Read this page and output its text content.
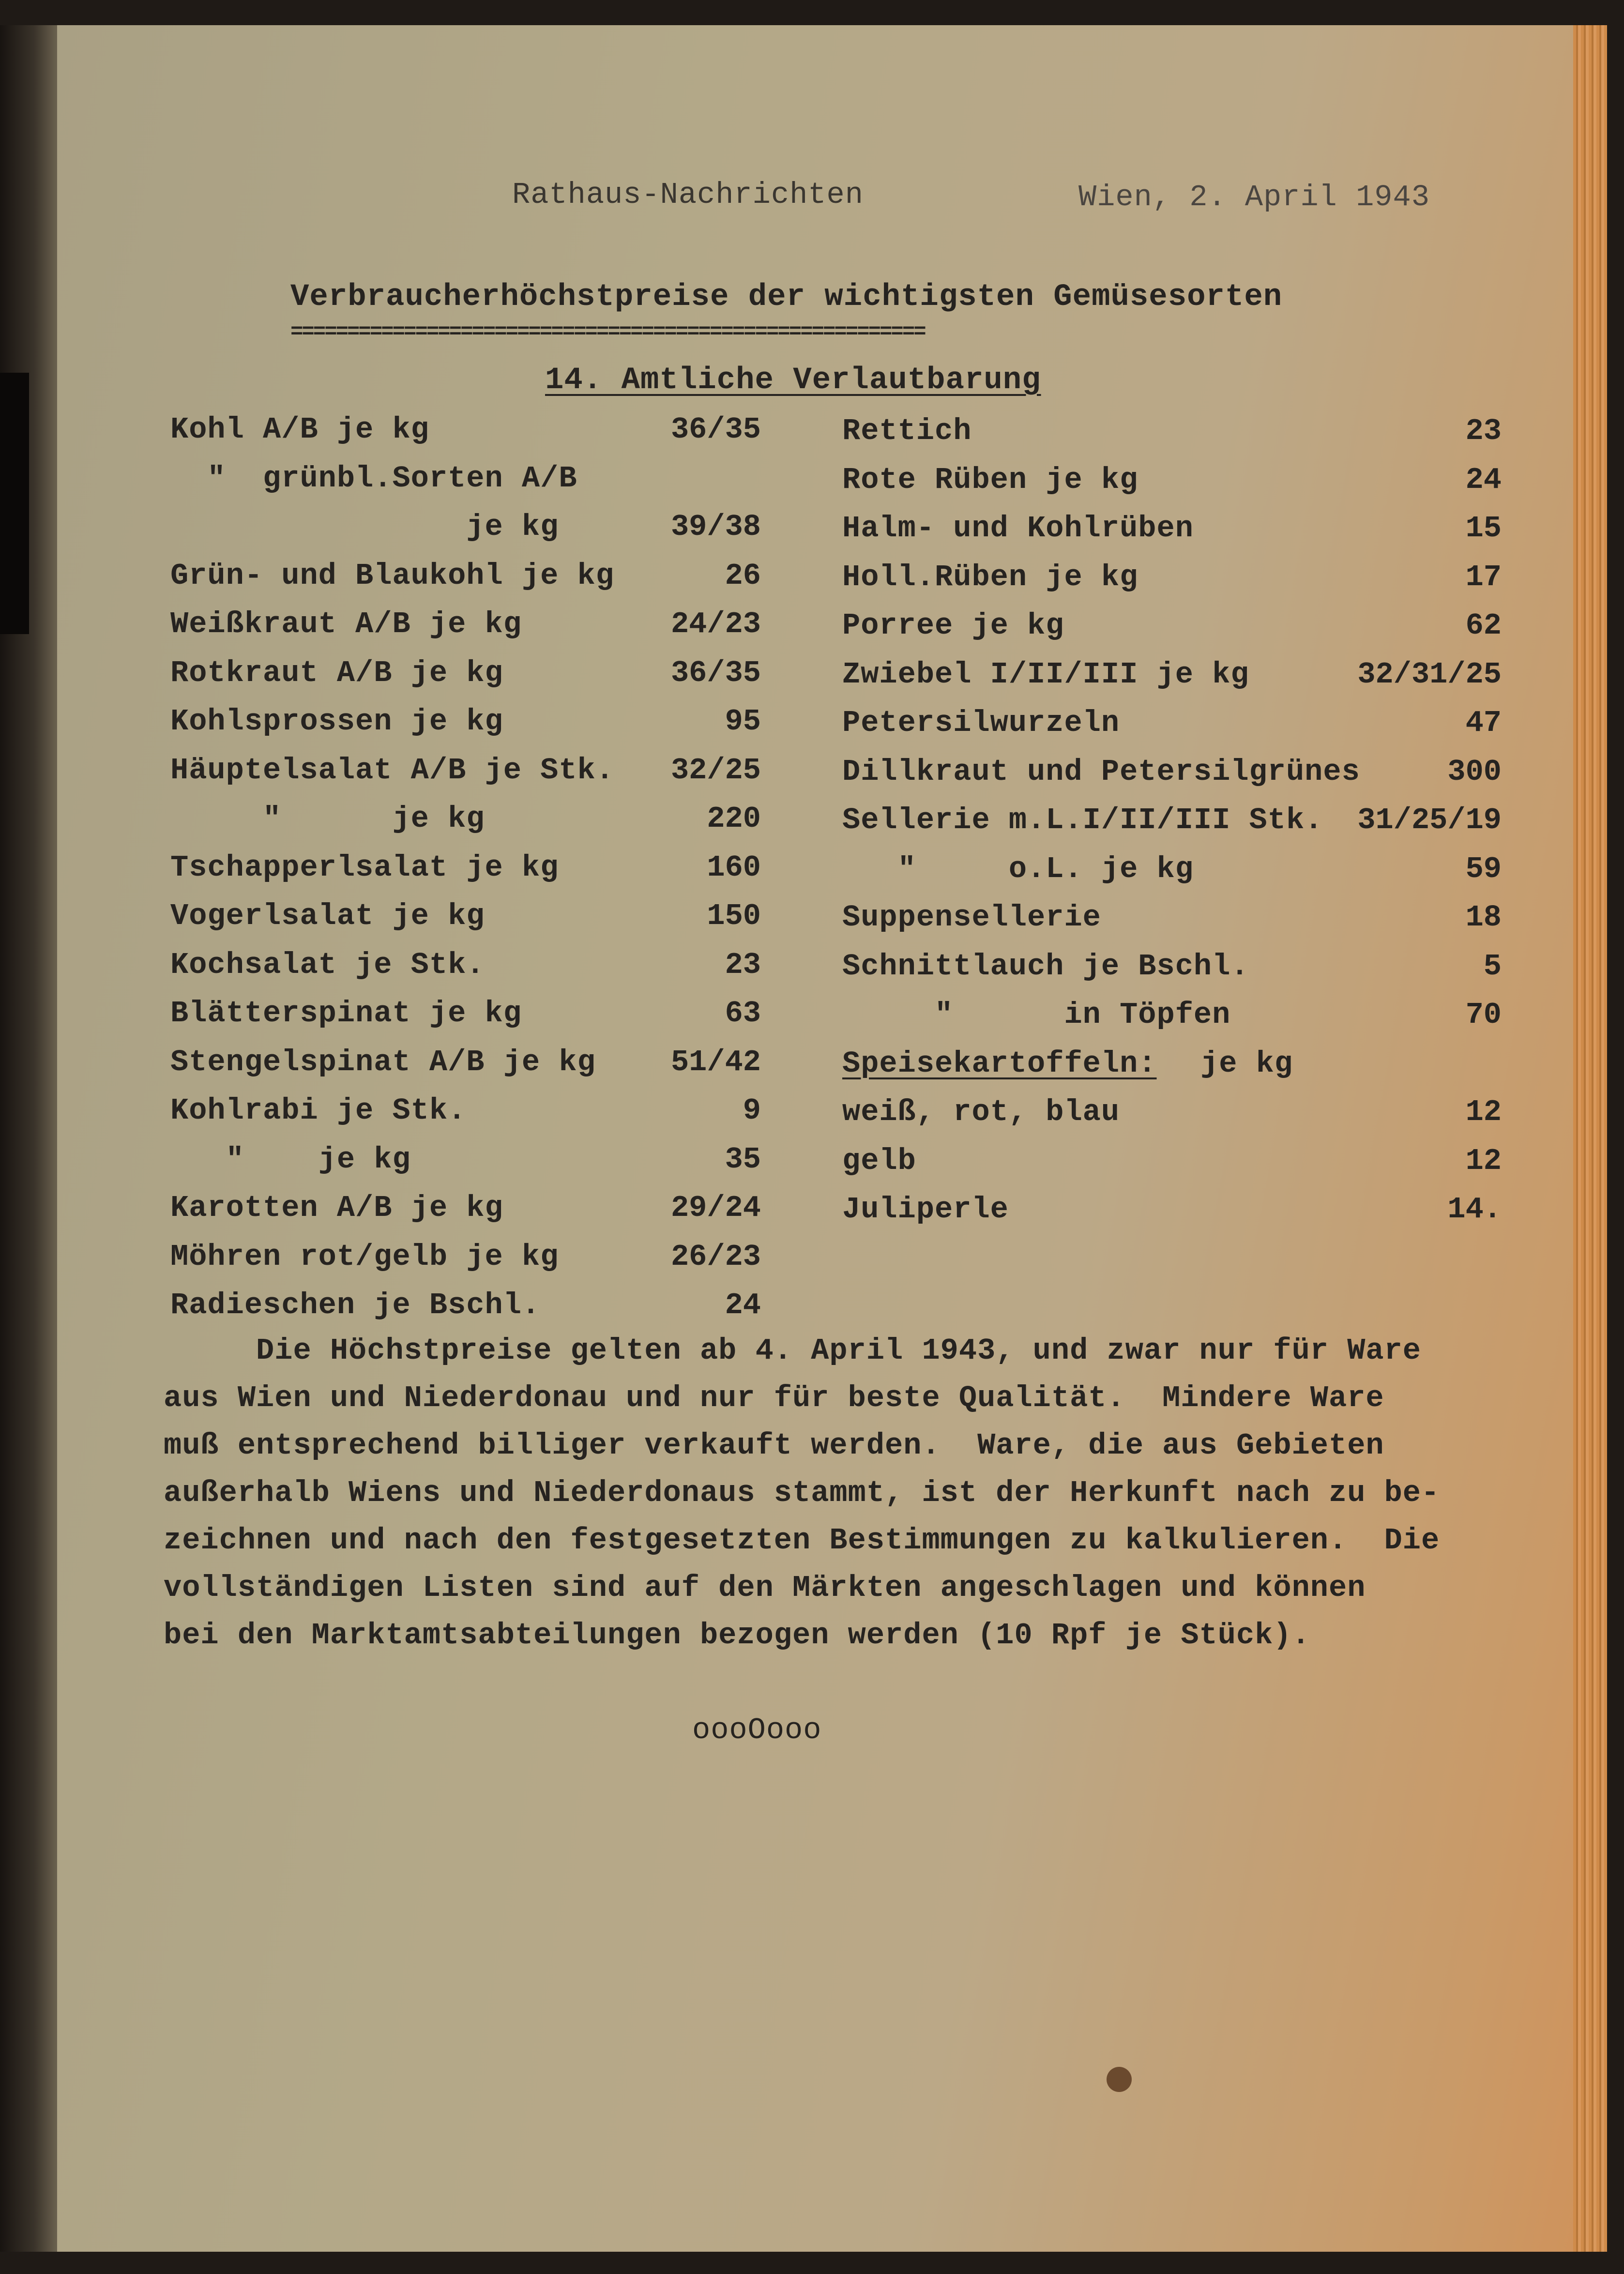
Rathaus-Nachrichten	Wien, 2. April 1943
Verbraucherhöchstpreise der wichtigsten Gemüsesorten
========================================================
14. Amtliche Verlautbarung
Kohl A/B je kg	36/35
"  grünbl.Sorten A/B
je kg	39/38
Grün- und Blaukohl je kg	26
Weißkraut A/B je kg	24/23
Rotkraut A/B je kg	36/35
Kohlsprossen je kg	95
Häuptelsalat A/B je Stk. 32/25
"      je kg	220
Tschapperlsalat je kg	160
Vogerlsalat je kg	150
Kochsalat je Stk.	23
Blätterspinat je kg	63
Stengelspinat A/B je kg	51/42
Kohlrabi je Stk.	9
"    je kg	35
Karotten A/B je kg	29/24
Möhren rot/gelb je kg	26/23
Radieschen je Bschl.	24
Rettich	23
Rote Rüben je kg	24
Halm- und Kohlrüben	15
Holl.Rüben je kg	17
Porree je kg	62
Zwiebel I/II/III je kg	32/31/25
Petersilwurzeln	47
Dillkraut und Petersilgrünes	300
Sellerie m.L.I/II/III Stk. 31/25/19
"     o.L. je kg	59
Suppensellerie	18
Schnittlauch je Bschl.	5
"      in Töpfen	70
Speisekartoffeln: je kg
weiß, rot, blau	12
gelb	12
Juliperle	14.
Die Höchstpreise gelten ab 4. April 1943, und zwar nur für Ware
aus Wien und Niederdonau und nur für beste Qualität.  Mindere Ware
muß entsprechend billiger verkauft werden.  Ware, die aus Gebieten
außerhalb Wiens und Niederdonaus stammt, ist der Herkunft nach zu be-
zeichnen und nach den festgesetzten Bestimmungen zu kalkulieren.  Die
vollständigen Listen sind auf den Märkten angeschlagen und können
bei den Marktamtsabteilungen bezogen werden (10 Rpf je Stück).
oooOooo
